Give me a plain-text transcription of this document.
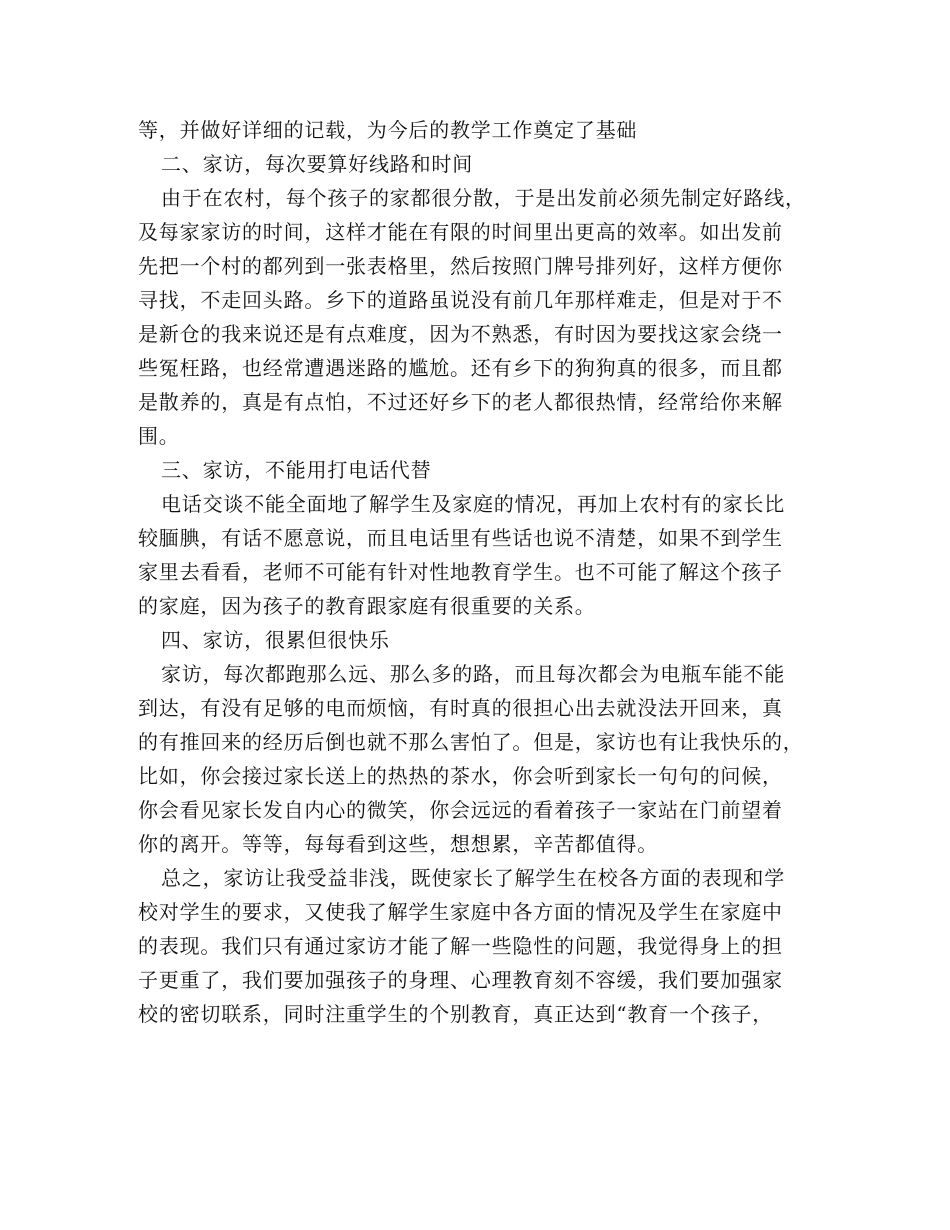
等，并做好详细的记载，为今后的教学工作奠定了基础
二、家访，每次要算好线路和时间
由于在农村，每个孩子的家都很分散，于是出发前必须先制定好路线，
及每家家访的时间，这样才能在有限的时间里出更高的效率。如出发前
先把一个村的都列到一张表格里，然后按照门牌号排列好，这样方便你
寻找，不走回头路。乡下的道路虽说没有前几年那样难走，但是对于不
是新仓的我来说还是有点难度，因为不熟悉，有时因为要找这家会绕一
些冤枉路，也经常遭遇迷路的尴尬。还有乡下的狗狗真的很多，而且都
是散养的，真是有点怕，不过还好乡下的老人都很热情，经常给你来解
围。
三、家访，不能用打电话代替
电话交谈不能全面地了解学生及家庭的情况，再加上农村有的家长比
较腼腆，有话不愿意说，而且电话里有些话也说不清楚，如果不到学生
家里去看看，老师不可能有针对性地教育学生。也不可能了解这个孩子
的家庭，因为孩子的教育跟家庭有很重要的关系。
四、家访，很累但很快乐
家访，每次都跑那么远、那么多的路，而且每次都会为电瓶车能不能
到达，有没有足够的电而烦恼，有时真的很担心出去就没法开回来，真
的有推回来的经历后倒也就不那么害怕了。但是，家访也有让我快乐的，
比如，你会接过家长送上的热热的茶水，你会听到家长一句句的问候，
你会看见家长发自内心的微笑，你会远远的看着孩子一家站在门前望着
你的离开。等等，每每看到这些，想想累，辛苦都值得。
总之，家访让我受益非浅，既使家长了解学生在校各方面的表现和学
校对学生的要求，又使我了解学生家庭中各方面的情况及学生在家庭中
的表现。我们只有通过家访才能了解一些隐性的问题，我觉得身上的担
子更重了，我们要加强孩子的身理、心理教育刻不容缓，我们要加强家
校的密切联系，同时注重学生的个别教育，真正达到“教育一个孩子，
